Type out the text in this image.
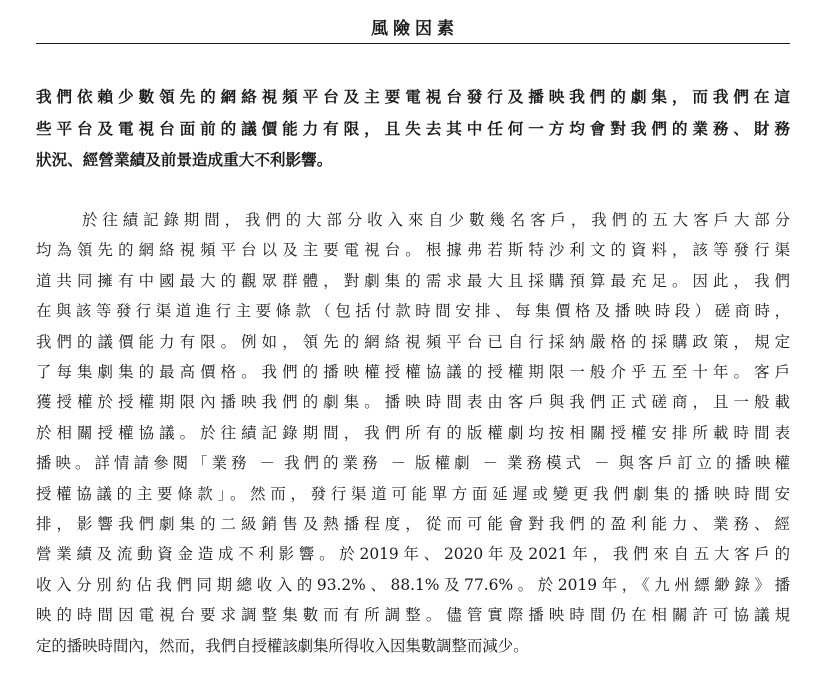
風險因素

我們依賴少數領先的網絡視頻平台及主要電視台發行及播映我們的劇集，而我們在這
些平台及電視台面前的議價能力有限，且失去其中任何一方均會對我們的業務、財務
狀況、經營業績及前景造成重大不利影響。

於往績記錄期間，我們的大部分收入來自少數幾名客戶，我們的五大客戶大部分
均為領先的網絡視頻平台以及主要電視台。根據弗若斯特沙利文的資料，該等發行渠
道共同擁有中國最大的觀眾群體，對劇集的需求最大且採購預算最充足。因此，我們
在與該等發行渠道進行主要條款（包括付款時間安排、每集價格及播映時段）磋商時，
我們的議價能力有限。例如，領先的網絡視頻平台已自行採納嚴格的採購政策，規定
了每集劇集的最高價格。我們的播映權授權協議的授權期限一般介乎五至十年。客戶
獲授權於授權期限內播映我們的劇集。播映時間表由客戶與我們正式磋商，且一般載
於相關授權協議。於往績記錄期間，我們所有的版權劇均按相關授權安排所載時間表
播映。詳情請參閱「業務 － 我們的業務 － 版權劇 － 業務模式 － 與客戶訂立的播映權
授權協議的主要條款」。然而，發行渠道可能單方面延遲或變更我們劇集的播映時間安
排，影響我們劇集的二級銷售及熱播程度，從而可能會對我們的盈利能力、業務、經
營業績及流動資金造成不利影響。於2019年、2020年及2021年，我們來自五大客戶的
收入分別約佔我們同期總收入的93.2%、88.1%及77.6%。於2019年，《九州縹緲錄》播
映的時間因電視台要求調整集數而有所調整。儘管實際播映時間仍在相關許可協議規
定的播映時間內，然而，我們自授權該劇集所得收入因集數調整而減少。
